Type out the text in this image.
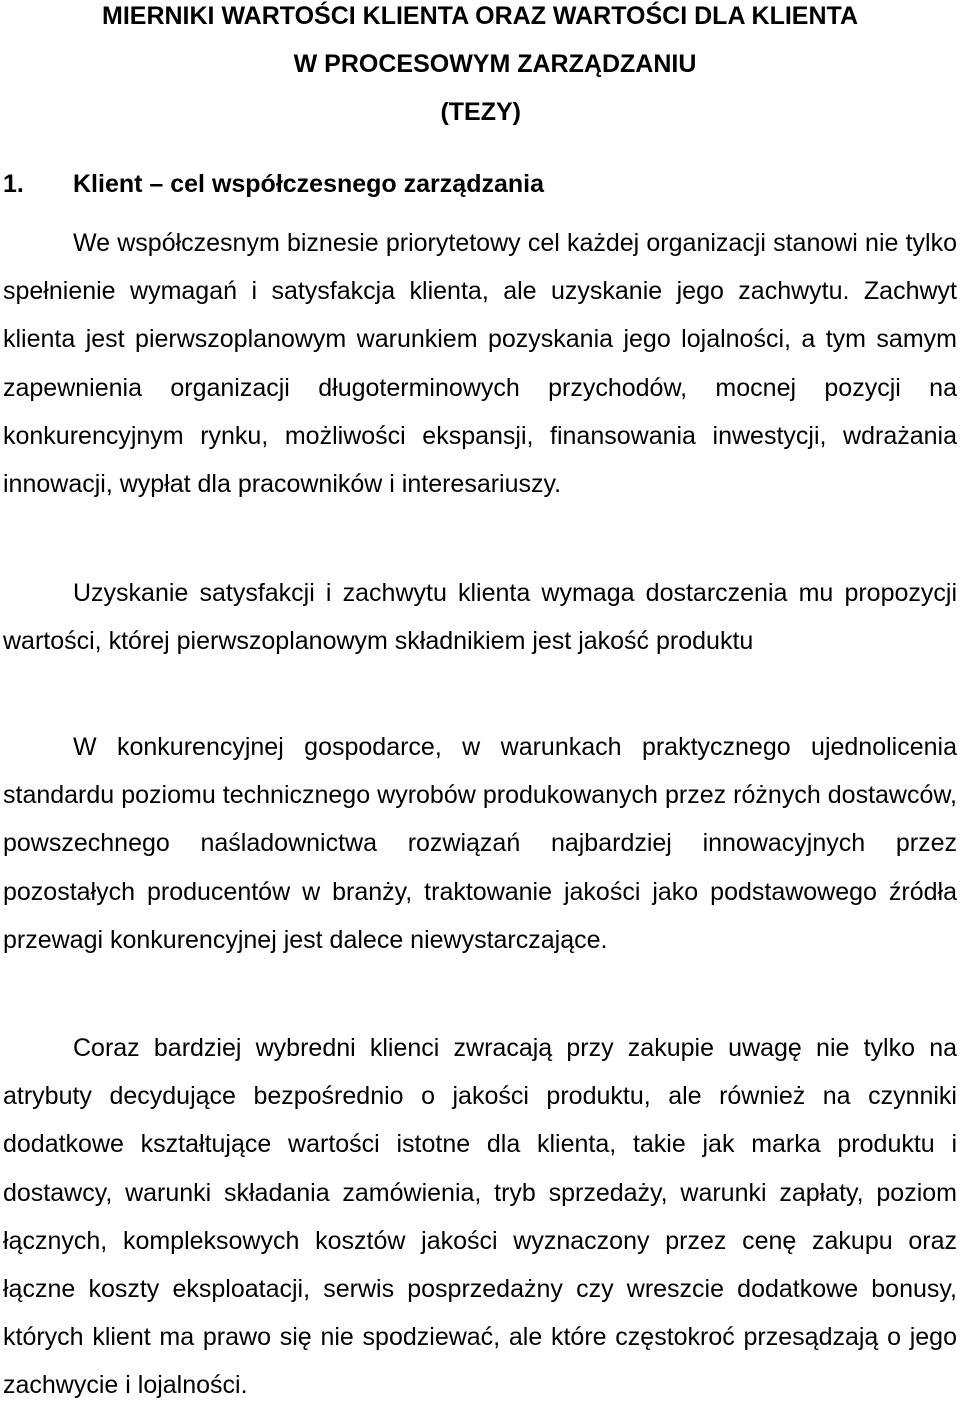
MIERNIKI WARTOŚCI KLIENTA ORAZ WARTOŚCI DLA KLIENTA

W PROCESOWYM ZARZĄDZANIU

(TEZY)

1. Klient – cel współczesnego zarządzania

We współczesnym biznesie priorytetowy cel każdej organizacji stanowi nie tylko spełnienie wymagań i satysfakcja klienta, ale uzyskanie jego zachwytu. Zachwyt klienta jest pierwszoplanowym warunkiem pozyskania jego lojalności, a tym samym zapewnienia organizacji długoterminowych przychodów, mocnej pozycji na konkurencyjnym rynku, możliwości ekspansji, finansowania inwestycji, wdrażania innowacji, wypłat dla pracowników i interesariuszy.

Uzyskanie satysfakcji i zachwytu klienta wymaga dostarczenia mu propozycji wartości, której pierwszoplanowym składnikiem jest jakość produktu

W konkurencyjnej gospodarce, w warunkach praktycznego ujednolicenia standardu poziomu technicznego wyrobów produkowanych przez różnych dostawców, powszechnego naśladownictwa rozwiązań najbardziej innowacyjnych przez pozostałych producentów w branży, traktowanie jakości jako podstawowego źródła przewagi konkurencyjnej jest dalece niewystarczające.

Coraz bardziej wybredni klienci zwracają przy zakupie uwagę nie tylko na atrybuty decydujące bezpośrednio o jakości produktu, ale również na czynniki dodatkowe kształtujące wartości istotne dla klienta, takie jak marka produktu i dostawcy, warunki składania zamówienia, tryb sprzedaży, warunki zapłaty, poziom łącznych, kompleksowych kosztów jakości wyznaczony przez cenę zakupu oraz łączne koszty eksploatacji, serwis posprzedażny czy wreszcie dodatkowe bonusy, których klient ma prawo się nie spodziewać, ale które częstokroć przesądzają o jego zachwycie i lojalności.
